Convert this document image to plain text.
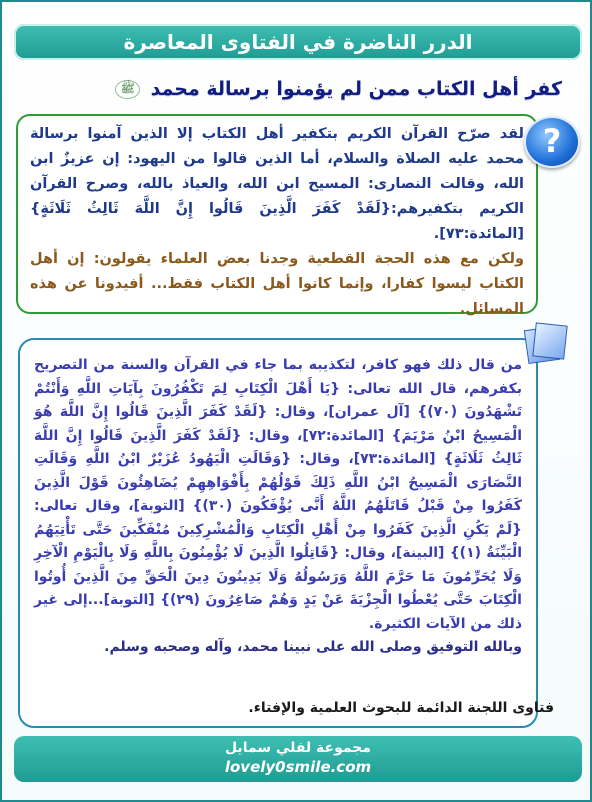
الدرر الناضرة في الفتاوى المعاصرة
كفر أهل الكتاب ممن لم يؤمنوا برسالة محمد ﷺ
لقد صرّح القرآن الكريم بتكفير أهل الكتاب إلا الذين آمنوا برسالة محمد عليه الصلاة والسلام، أما الذين قالوا من اليهود: إن عزيزٌ ابن الله، وقالت النصارى: المسيح ابن الله، والعياذ بالله، وصرح القرآن الكريم بتكفيرهم:{لَقَدْ كَفَرَ الَّذِينَ قَالُوا إِنَّ اللَّهَ ثَالِثُ ثَلَاثَةٍ} [المائدة:٧٣].
ولكن مع هذه الحجة القطعية وجدنا بعض العلماء يقولون: إن أهل الكتاب ليسوا كفارا، وإنما كانوا أهل الكتاب فقط... أفيدونا عن هذه المسائل.
?
من قال ذلك فهو كافر، لتكذيبه بما جاء في القرآن والسنة من التصريح بكفرهم، قال الله تعالى: {يَا أَهْلَ الْكِتَابِ لِمَ تَكْفُرُونَ بِآيَاتِ اللَّهِ وَأَنْتُمْ تَشْهَدُونَ (٧٠)} [آل عمران]، وقال: {لَقَدْ كَفَرَ الَّذِينَ قَالُوا إِنَّ اللَّهَ هُوَ الْمَسِيحُ ابْنُ مَرْيَمَ} [المائدة:٧٢]، وقال: {لَقَدْ كَفَرَ الَّذِينَ قَالُوا إِنَّ اللَّهَ ثَالِثُ ثَلَاثَةٍ} [المائدة:٧٣]، وقال: {وَقَالَتِ الْيَهُودُ عُزَيْرٌ ابْنُ اللَّهِ وَقَالَتِ النَّصَارَى الْمَسِيحُ ابْنُ اللَّهِ ذَلِكَ قَوْلُهُمْ بِأَفْوَاهِهِمْ يُضَاهِئُونَ قَوْلَ الَّذِينَ كَفَرُوا مِنْ قَبْلُ قَاتَلَهُمُ اللَّهُ أَنَّى يُؤْفَكُونَ (٣٠)} [التوبة]، وقال تعالى: {لَمْ يَكُنِ الَّذِينَ كَفَرُوا مِنْ أَهْلِ الْكِتَابِ وَالْمُشْرِكِينَ مُنْفَكِّينَ حَتَّى تَأْتِيَهُمُ الْبَيِّنَةُ (١)} [البينة]، وقال: {قَاتِلُوا الَّذِينَ لَا يُؤْمِنُونَ بِاللَّهِ وَلَا بِالْيَوْمِ الْآخِرِ وَلَا يُحَرِّمُونَ مَا حَرَّمَ اللَّهُ وَرَسُولُهُ وَلَا يَدِينُونَ دِينَ الْحَقِّ مِنَ الَّذِينَ أُوتُوا الْكِتَابَ حَتَّى يُعْطُوا الْجِزْيَةَ عَنْ يَدٍ وَهُمْ صَاغِرُونَ (٢٩)} [التوبة]...إلى غير ذلك من الآيات الكثيرة.
وبالله التوفيق وصلى الله على نبينا محمد، وآله وصحبه وسلم.
فتاوى اللجنة الدائمة للبحوث العلمية والإفتاء.
مجموعة لفلي سمايل
lovely0smile.com
